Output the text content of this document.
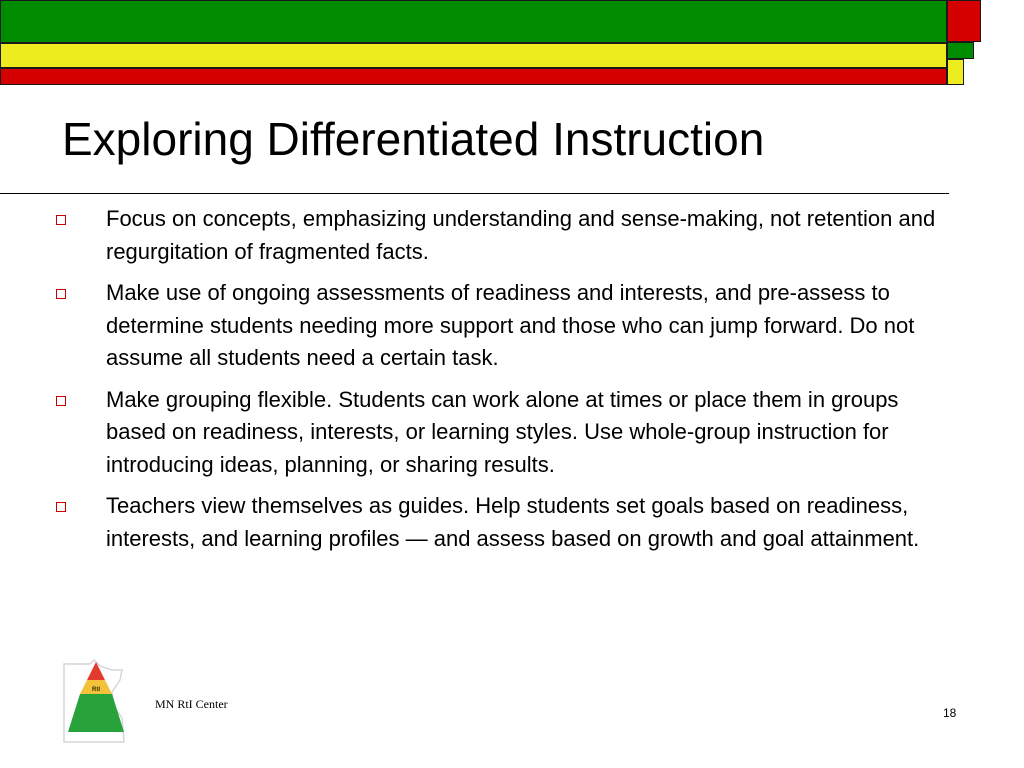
Exploring Differentiated Instruction
Focus on concepts, emphasizing understanding and sense-making, not retention and regurgitation of fragmented facts.
Make use of ongoing assessments of readiness and interests, and pre-assess to determine students needing more support and those who can jump forward. Do not assume all students need a certain task.
Make grouping flexible. Students can work alone at times or place them in groups based on readiness, interests, or learning styles. Use whole-group instruction for introducing ideas, planning, or sharing results.
Teachers view themselves as guides. Help students set goals based on readiness, interests, and learning profiles — and assess based on growth and goal attainment.
RtI
MN RtI Center
18
